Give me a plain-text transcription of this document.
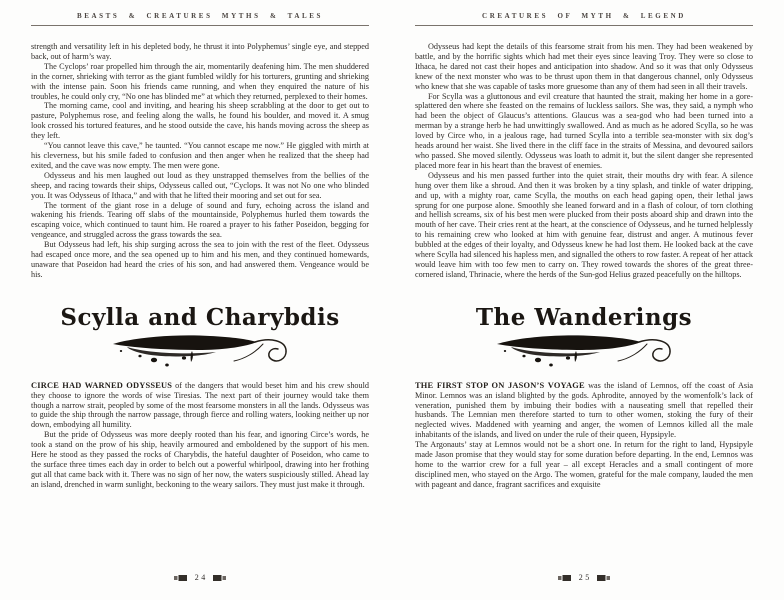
BEASTS & CREATURES MYTHS & TALES

strength and versatility left in his depleted body, he thrust it into Polyphemus’ single eye, and stepped back, out of harm’s way.

The Cyclops’ roar propelled him through the air, momentarily deafening him. The men shuddered in the corner, shrieking with terror as the giant fumbled wildly for his torturers, grunting and shrieking with the intense pain. Soon his friends came running, and when they enquired the nature of his troubles, he could only cry, “No one has blinded me” at which they returned, perplexed to their homes.

The morning came, cool and inviting, and hearing his sheep scrabbling at the door to get out to pasture, Polyphemus rose, and feeling along the walls, he found his boulder, and moved it. A smug look crossed his tortured features, and he stood outside the cave, his hands moving across the sheep as they left.

“You cannot leave this cave,” he taunted. “You cannot escape me now.” He giggled with mirth at his cleverness, but his smile faded to confusion and then anger when he realized that the sheep had exited, and the cave was now empty. The men were gone.

Odysseus and his men laughed out loud as they unstrapped themselves from the bellies of the sheep, and racing towards their ships, Odysseus called out, “Cyclops. It was not No one who blinded you. It was Odysseus of Ithaca,” and with that he lifted their mooring and set out for sea.

The torment of the giant rose in a deluge of sound and fury, echoing across the island and wakening his friends. Tearing off slabs of the mountainside, Polyphemus hurled them towards the escaping voice, which continued to taunt him. He roared a prayer to his father Poseidon, begging for vengeance, and struggled across the grass towards the sea.

But Odysseus had left, his ship surging across the sea to join with the rest of the fleet. Odysseus had escaped once more, and the sea opened up to him and his men, and they continued homewards, unaware that Poseidon had heard the cries of his son, and had answered them. Vengeance would be his.

Scylla and Charybdis

CIRCE HAD WARNED ODYSSEUS of the dangers that would beset him and his crew should they choose to ignore the words of wise Tiresias. The next part of their journey would take them though a narrow strait, peopled by some of the most fearsome monsters in all the lands. Odysseus was to guide the ship through the narrow passage, through fierce and rolling waters, looking neither up nor down, embodying all humility.

But the pride of Odysseus was more deeply rooted than his fear, and ignoring Circe’s words, he took a stand on the prow of his ship, heavily armoured and emboldened by the support of his men. Here he stood as they passed the rocks of Charybdis, the hateful daughter of Poseidon, who came to the surface three times each day in order to belch out a powerful whirlpool, drawing into her frothing gut all that came back with it. There was no sign of her now, the waters suspiciously stilled. Ahead lay an island, drenched in warm sunlight, beckoning to the weary sailors. They must just make it through.

24
CREATURES OF MYTH & LEGEND

Odysseus had kept the details of this fearsome strait from his men. They had been weakened by battle, and by the horrific sights which had met their eyes since leaving Troy. They were so close to Ithaca, he dared not cast their hopes and anticipation into shadow. And so it was that only Odysseus knew of the next monster who was to be thrust upon them in that dangerous channel, only Odysseus who knew that she was capable of tasks more gruesome than any of them had seen in all their travels.

For Scylla was a gluttonous and evil creature that haunted the strait, making her home in a gore-splattered den where she feasted on the remains of luckless sailors. She was, they said, a nymph who had been the object of Glaucus’s attentions. Glaucus was a sea-god who had been turned into a merman by a strange herb he had unwittingly swallowed. And as much as he adored Scylla, so he was loved by Circe who, in a jealous rage, had turned Scylla into a terrible sea-monster with six dog’s heads around her waist. She lived there in the cliff face in the straits of Messina, and devoured sailors who passed. She moved silently. Odysseus was loath to admit it, but the silent danger she represented placed more fear in his heart than the bravest of enemies.

Odysseus and his men passed further into the quiet strait, their mouths dry with fear. A silence hung over them like a shroud. And then it was broken by a tiny splash, and tinkle of water dripping, and up, with a mighty roar, came Scylla, the mouths on each head gaping open, their lethal jaws sprung for one purpose alone. Smoothly she leaned forward and in a flash of colour, of torn clothing and hellish screams, six of his best men were plucked from their posts aboard ship and drawn into the mouth of her cave. Their cries rent at the heart, at the conscience of Odysseus, and he turned helplessly to his remaining crew who looked at him with genuine fear, distrust and anger. A mutinous fever bubbled at the edges of their loyalty, and Odysseus knew he had lost them. He looked back at the cave where Scylla had silenced his hapless men, and signalled the others to row faster. A repeat of her attack would leave him with too few men to carry on. They rowed towards the shores of the great three-cornered island, Thrinacie, where the herds of the Sun-god Helius grazed peacefully on the hilltops.

The Wanderings

THE FIRST STOP ON JASON’S VOYAGE was the island of Lemnos, off the coast of Asia Minor. Lemnos was an island blighted by the gods. Aphrodite, annoyed by the womenfolk’s lack of veneration, punished them by imbuing their bodies with a nauseating smell that repelled their husbands. The Lemnian men therefore started to turn to other women, stoking the fury of their neglected wives. Maddened with yearning and anger, the women of Lemnos killed all the male inhabitants of the islands, and lived on under the rule of their queen, Hypsipyle.

The Argonauts’ stay at Lemnos would not be a short one. In return for the right to land, Hypsipyle made Jason promise that they would stay for some duration before departing. In the end, Lemnos was home to the warrior crew for a full year – all except Heracles and a small contingent of more disciplined men, who stayed on the Argo. The women, grateful for the male company, lauded the men with pageant and dance, fragrant sacrifices and exquisite

25
